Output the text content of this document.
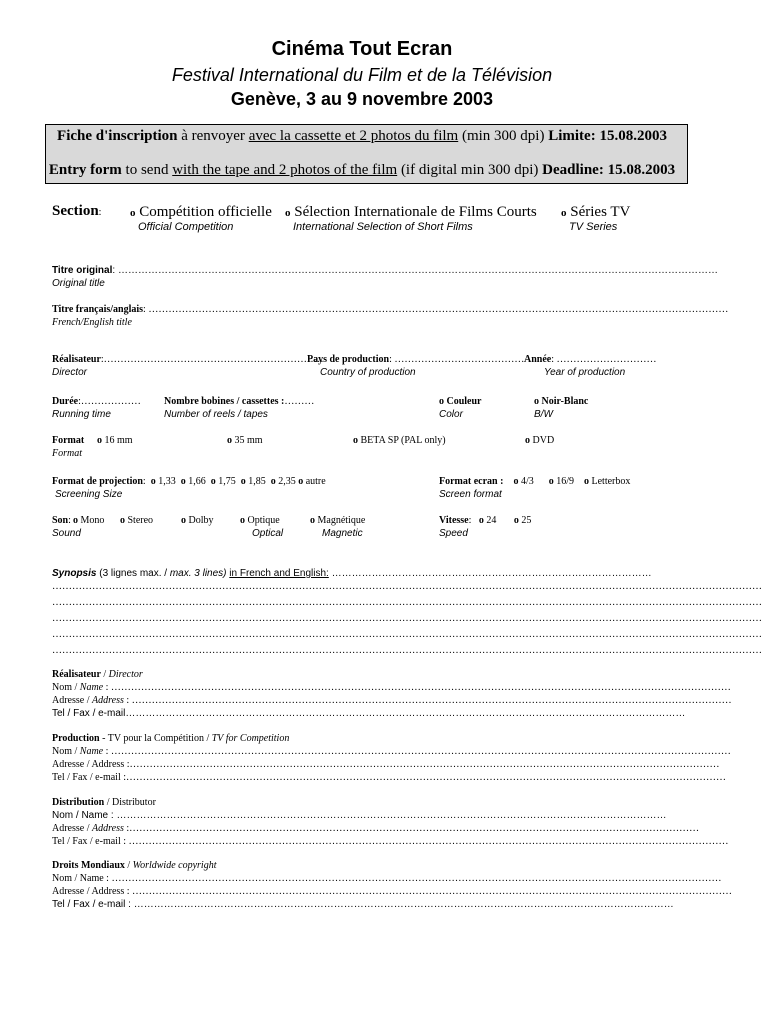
Cinéma Tout Ecran
Festival International du Film et de la Télévision
Genève, 3 au 9 novembre 2003
Fiche d'inscription à renvoyer avec la cassette et 2 photos du film (min 300 dpi) Limite: 15.08.2003
Entry form to send with the tape and 2 photos of the film (if digital min 300 dpi) Deadline: 15.08.2003
Section:	o Compétition officielle
Official Competition
o Sélection Internationale de Films Courts
International Selection of Short Films
o Séries TV
TV Series
Titre original: ………………………………………………………………………………………………………………………………………………………………
Original title
Titre français/anglais: …………………………………………………………………………………………………………………………………………………………
French/English title
Réalisateur:…………………………………………………………
Director
Pays de production: …………………………………
Country of production
Année: …………………………
Year of production
Durée:………………
Running time
Nombre bobines / cassettes :………
Number of reels / tapes
o Couleur
Color
o Noir-Blanc
B/W
Format
Format
o 16 mm	o 35 mm	o BETA SP (PAL only)	o DVD
Format de projection:  o 1,33 o 1,66 o 1,75 o 1,85 o 2,35 o autre
Screening Size
Format ecran : o 4/3 o 16/9 o Letterbox
Screen format
Son:
Sound
o Mono o Stereo	o Dolby	o Optique
Optical
o Magnétique
Magnetic
Vitesse:   o 24 o 25
Speed
Synopsis (3 lignes max. / max. 3 lines) in French and English: ……………………………………………………………………………………
……………………………………………………………………………………………………………………………………………………………………………………………
……………………………………………………………………………………………………………………………………………………………………………………………
……………………………………………………………………………………………………………………………………………………………………………………………
……………………………………………………………………………………………………………………………………………………………………………………………
……………………………………………………………………………………………………………………………………………………………………………………………
Réalisateur / Director
Nom / Name : ……………………………………………………………………………………………………………………………………………………………………
Adresse / Address : ………………………………………………………………………………………………………………………………………………………………
Tel / Fax / e-mail……………………………………………………………………………………………………………………………………………………
Production - TV pour la Compétition / TV for Competition
Nom / Name : ……………………………………………………………………………………………………………………………………………………………………
Adresse / Address :……………………………………………………………………………………………………………………………………………………………
Tel / Fax / e-mail :………………………………………………………………………………………………………………………………………………………………
Distribution / Distributor
Nom / Name : …………………………………………………………………………………………………………………………………………………
Adresse / Address :………………………………………………………………………………………………………………………………………………………
Tel / Fax / e-mail : ………………………………………………………………………………………………………………………………………………………………
Droits Mondiaux / Worldwide copyright
Nom / Name : …………………………………………………………………………………………………………………………………………………………………
Adresse / Address : ………………………………………………………………………………………………………………………………………………………………
Tel / Fax / e-mail : ………………………………………………………………………………………………………………………………………………
